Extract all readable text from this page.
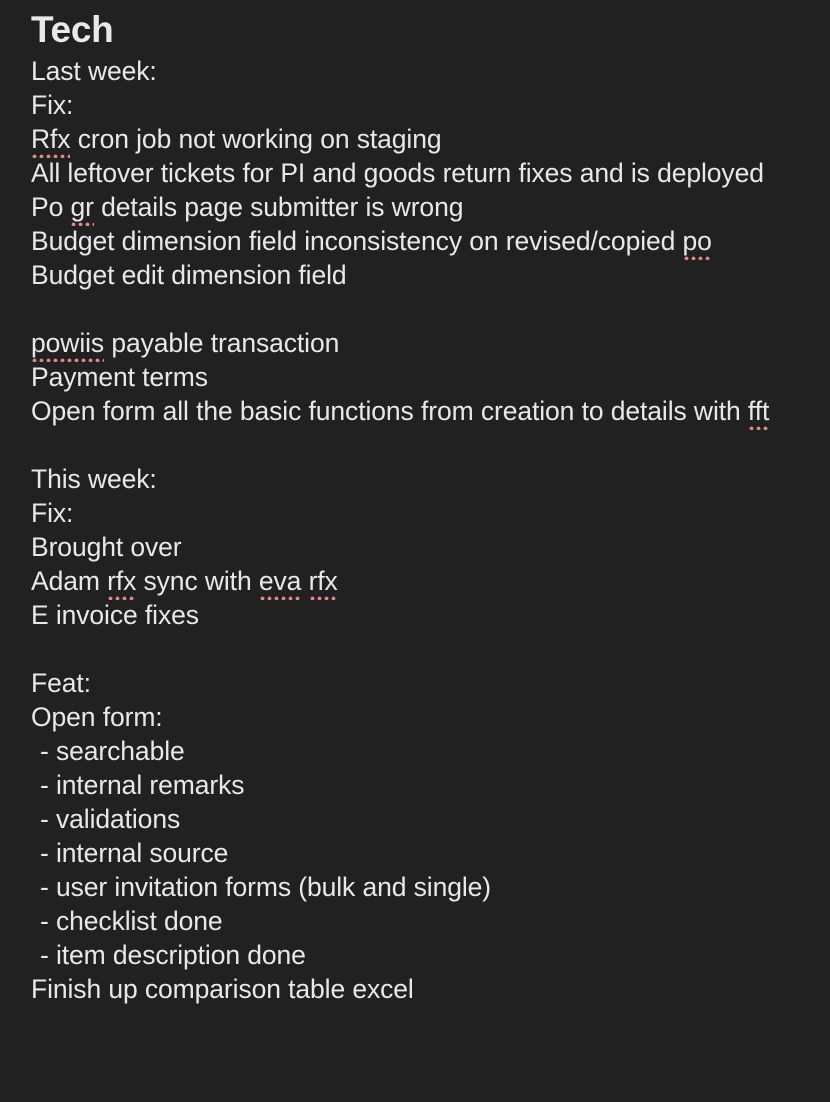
Tech
Last week:
Fix:
Rfx cron job not working on staging
All leftover tickets for PI and goods return fixes and is deployed
Po gr details page submitter is wrong
Budget dimension field inconsistency on revised/copied po
Budget edit dimension field

powiis payable transaction
Payment terms
Open form all the basic functions from creation to details with fft

This week:
Fix:
Brought over
Adam rfx sync with eva rfx
E invoice fixes

Feat:
Open form:
- searchable
- internal remarks
- validations
- internal source
- user invitation forms (bulk and single)
- checklist done
- item description done
Finish up comparison table excel
